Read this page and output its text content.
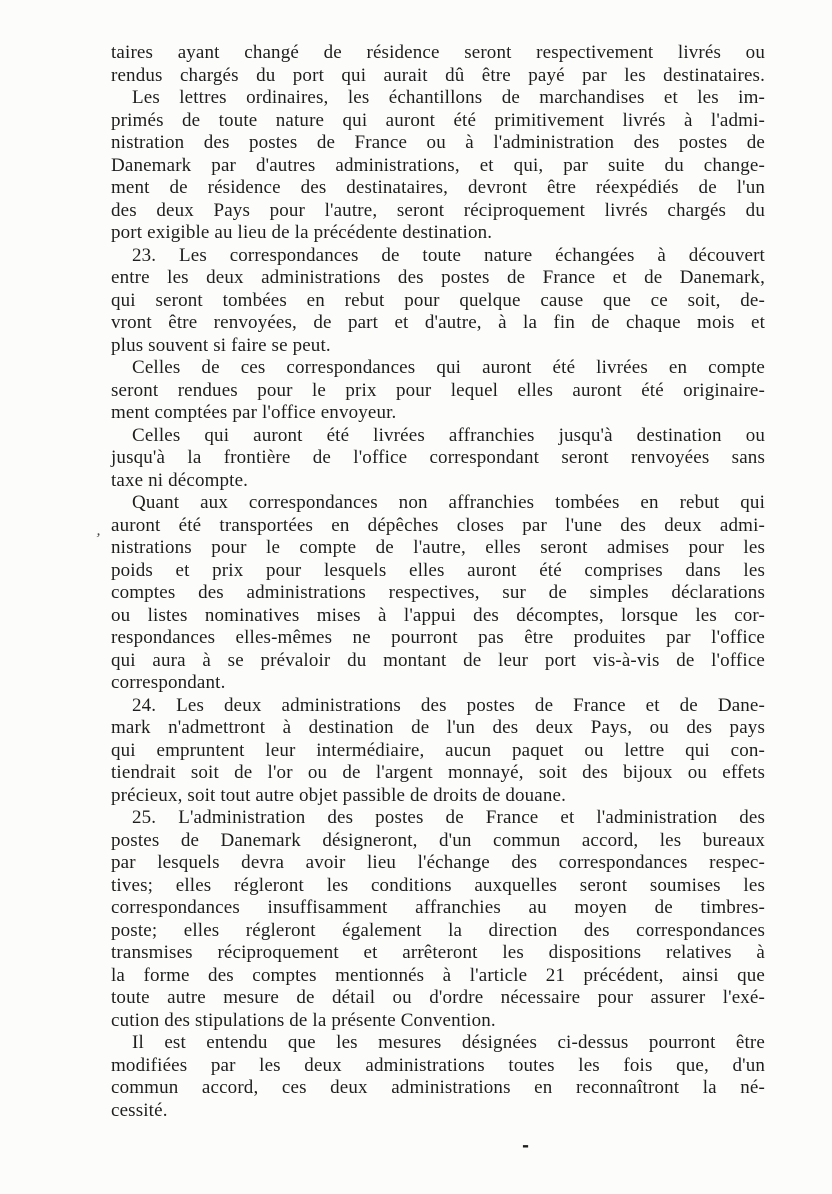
taires ayant changé de résidence seront respectivement livrés ou
rendus chargés du port qui aurait dû être payé par les destinataires.
Les lettres ordinaires, les échantillons de marchandises et les im-
primés de toute nature qui auront été primitivement livrés à l'admi-
nistration des postes de France ou à l'administration des postes de
Danemark par d'autres administrations, et qui, par suite du change-
ment de résidence des destinataires, devront être réexpédiés de l'un
des deux Pays pour l'autre, seront réciproquement livrés chargés du
port exigible au lieu de la précédente destination.
23. Les correspondances de toute nature échangées à découvert
entre les deux administrations des postes de France et de Danemark,
qui seront tombées en rebut pour quelque cause que ce soit, de-
vront être renvoyées, de part et d'autre, à la fin de chaque mois et
plus souvent si faire se peut.
Celles de ces correspondances qui auront été livrées en compte
seront rendues pour le prix pour lequel elles auront été originaire-
ment comptées par l'office envoyeur.
Celles qui auront été livrées affranchies jusqu'à destination ou
jusqu'à la frontière de l'office correspondant seront renvoyées sans
taxe ni décompte.
Quant aux correspondances non affranchies tombées en rebut qui
auront été transportées en dépêches closes par l'une des deux admi-
nistrations pour le compte de l'autre, elles seront admises pour les
poids et prix pour lesquels elles auront été comprises dans les
comptes des administrations respectives, sur de simples déclarations
ou listes nominatives mises à l'appui des décomptes, lorsque les cor-
respondances elles-mêmes ne pourront pas être produites par l'office
qui aura à se prévaloir du montant de leur port vis-à-vis de l'office
correspondant.
24. Les deux administrations des postes de France et de Dane-
mark n'admettront à destination de l'un des deux Pays, ou des pays
qui empruntent leur intermédiaire, aucun paquet ou lettre qui con-
tiendrait soit de l'or ou de l'argent monnayé, soit des bijoux ou effets
précieux, soit tout autre objet passible de droits de douane.
25. L'administration des postes de France et l'administration des
postes de Danemark désigneront, d'un commun accord, les bureaux
par lesquels devra avoir lieu l'échange des correspondances respec-
tives; elles régleront les conditions auxquelles seront soumises les
correspondances insuffisamment affranchies au moyen de timbres-
poste; elles régleront également la direction des correspondances
transmises réciproquement et arrêteront les dispositions relatives à
la forme des comptes mentionnés à l'article 21 précédent, ainsi que
toute autre mesure de détail ou d'ordre nécessaire pour assurer l'exé-
cution des stipulations de la présente Convention.
Il est entendu que les mesures désignées ci-dessus pourront être
modifiées par les deux administrations toutes les fois que, d'un
commun accord, ces deux administrations en reconnaîtront la né-
cessité.
,
-
